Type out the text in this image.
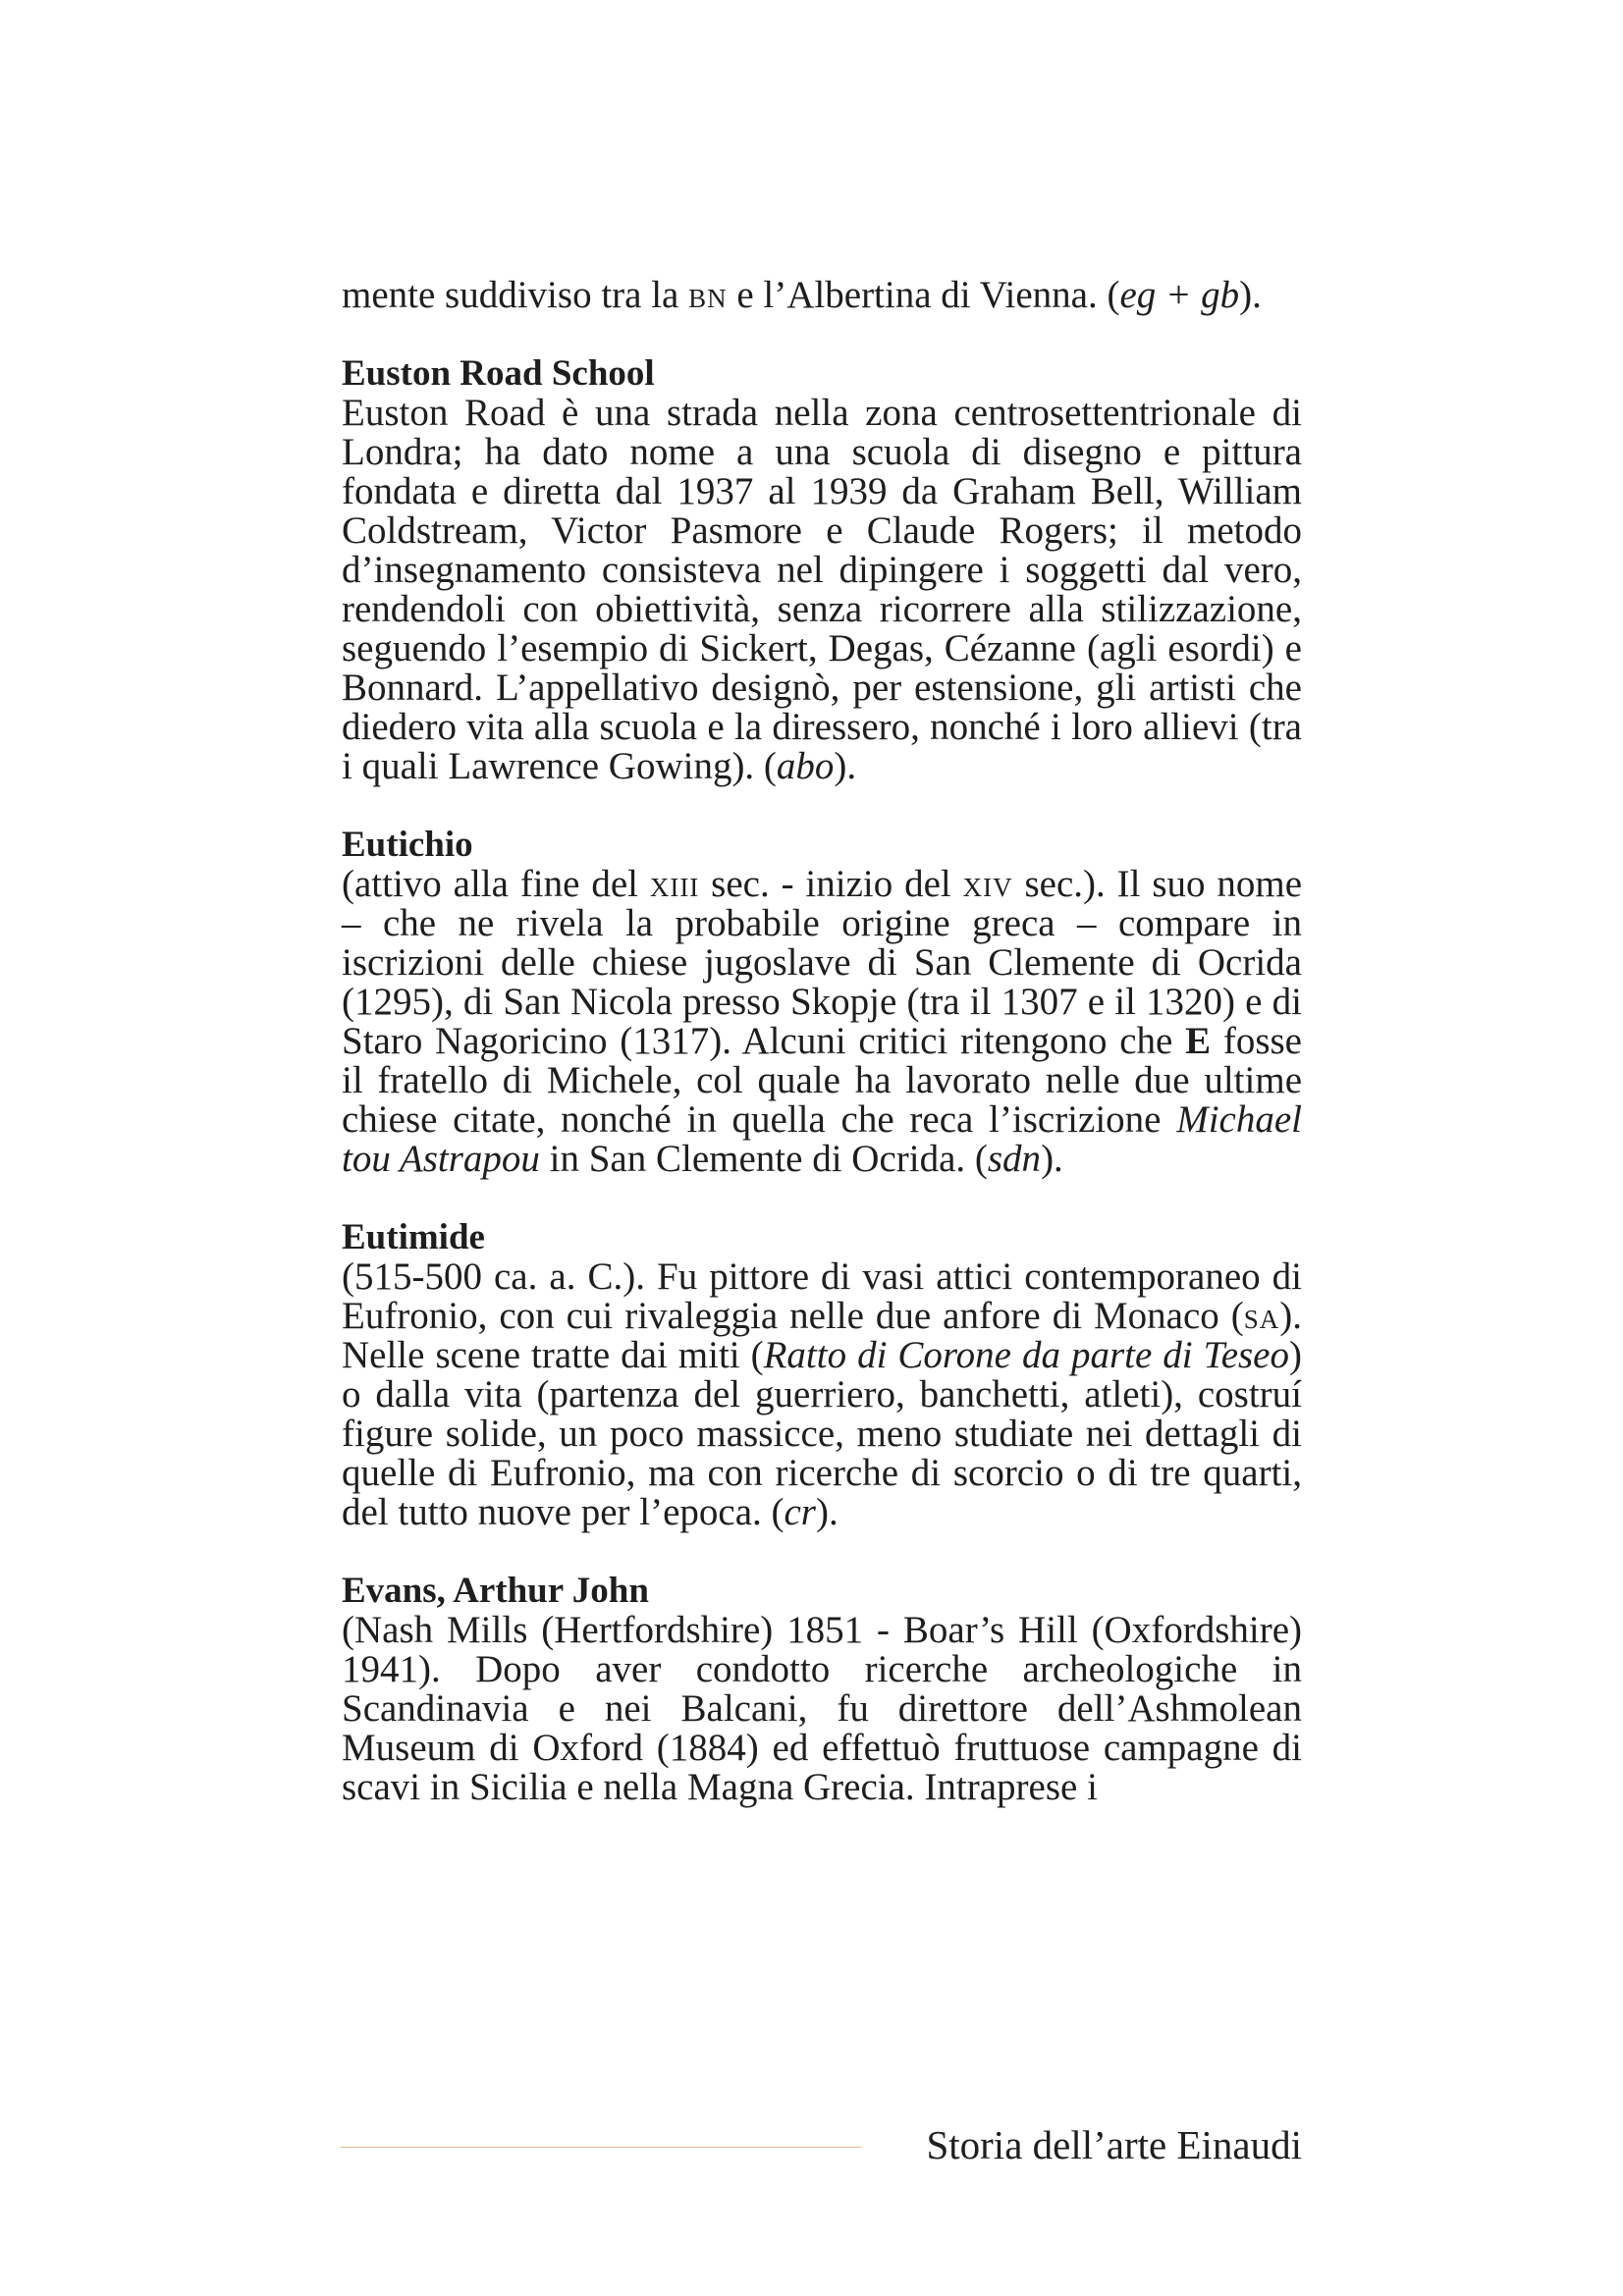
mente suddiviso tra la bn e l’Albertina di Vienna. (eg + gb).

Euston Road School

Euston Road è una strada nella zona centrosettentrionale di Londra; ha dato nome a una scuola di disegno e pittura fondata e diretta dal 1937 al 1939 da Graham Bell, William Coldstream, Victor Pasmore e Claude Rogers; il metodo d’insegnamento consisteva nel dipingere i soggetti dal vero, rendendoli con obiettività, senza ricorrere alla stilizzazione, seguendo l’esempio di Sickert, Degas, Cézanne (agli esordi) e Bonnard. L’appellativo designò, per estensione, gli artisti che diedero vita alla scuola e la diressero, nonché i loro allievi (tra i quali Lawrence Gowing). (abo).

Eutichio

(attivo alla fine del xiii sec. - inizio del xiv sec.). Il suo nome – che ne rivela la probabile origine greca – compare in iscrizioni delle chiese jugoslave di San Clemente di Ocrida (1295), di San Nicola presso Skopje (tra il 1307 e il 1320) e di Staro Nagoricino (1317). Alcuni critici ritengono che E fosse il fratello di Michele, col quale ha lavorato nelle due ultime chiese citate, nonché in quella che reca l’iscrizione Michael tou Astrapou in San Clemente di Ocrida. (sdn).

Eutimide

(515-500 ca. a. C.). Fu pittore di vasi attici contemporaneo di Eufronio, con cui rivaleggia nelle due anfore di Monaco (sa). Nelle scene tratte dai miti (Ratto di Corone da parte di Teseo) o dalla vita (partenza del guerriero, banchetti, atleti), costruí figure solide, un poco massicce, meno studiate nei dettagli di quelle di Eufronio, ma con ricerche di scorcio o di tre quarti, del tutto nuove per l’epoca. (cr).

Evans, Arthur John

(Nash Mills (Hertfordshire) 1851 - Boar’s Hill (Oxfordshire) 1941). Dopo aver condotto ricerche archeologiche in Scandinavia e nei Balcani, fu direttore dell’Ashmolean Museum di Oxford (1884) ed effettuò fruttuose campagne di scavi in Sicilia e nella Magna Grecia. Intraprese i

Storia dell’arte Einaudi
